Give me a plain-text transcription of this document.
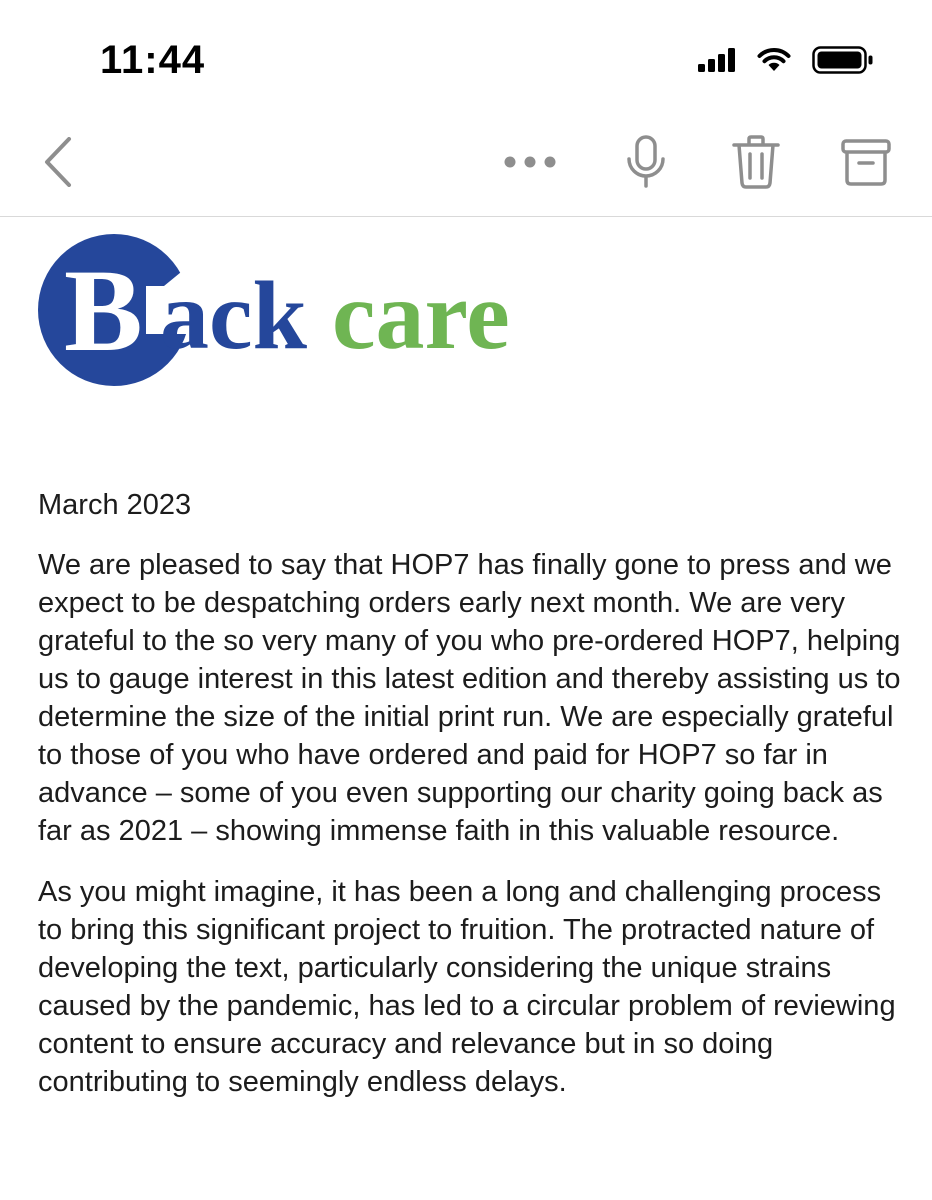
11:44
B ack care

March 2023

We are pleased to say that HOP7 has finally gone to press and we expect to be despatching orders early next month. We are very grateful to the so very many of you who pre-ordered HOP7, helping us to gauge interest in this latest edition and thereby assisting us to determine the size of the initial print run. We are especially grateful to those of you who have ordered and paid for HOP7 so far in advance – some of you even supporting our charity going back as far as 2021 – showing immense faith in this valuable resource.

As you might imagine, it has been a long and challenging process to bring this significant project to fruition. The protracted nature of developing the text, particularly considering the unique strains caused by the pandemic, has led to a circular problem of reviewing content to ensure accuracy and relevance but in so doing contributing to seemingly endless delays.
